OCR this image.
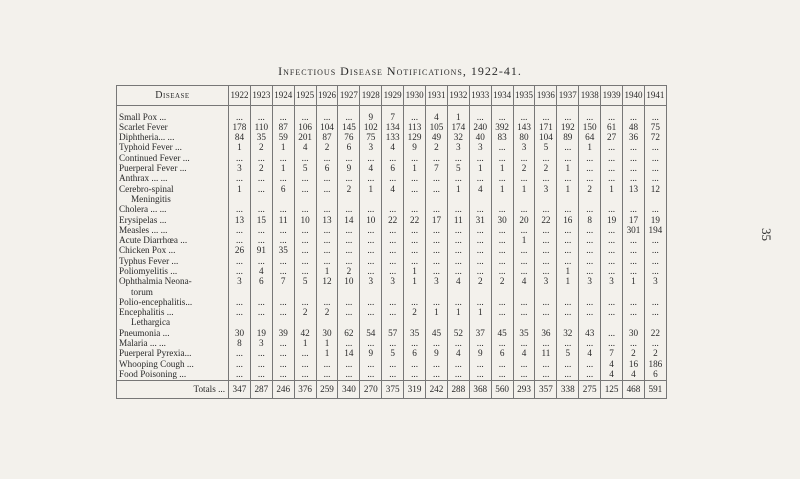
35
Infectious Disease Notifications, 1922-41.
Disease	1922	1923	1924	1925	1926	1927	1928	1929	1930	1931	1932	1933	1934	1935	1936	1937	1938	1939	1940	1941
Small Pox ...	...	...	...	...	...	...	9	7	...	4	1	...	...	...	...	...	...	...	...	...
Scarlet Fever	178	110	87	106	104	145	102	134	113	105	174	240	392	143	171	192	150	61	48	75
Diphtheria... ...	84	35	59	201	87	76	75	133	129	49	32	40	83	80	104	89	64	27	36	72
Typhoid Fever ...	1	2	1	4	2	6	3	4	9	2	3	3	...	3	5	...	1	...	...	...
Continued Fever ...	...	...	...	...	...	...	...	...	...	...	...	...	...	...	...	...	...	...	...	...
Puerperal Fever ...	3	2	1	5	6	9	4	6	1	7	5	1	1	2	2	1	...	...	...	...
Anthrax ... ...	...	...	...	...	...	...	...	...	...	...	...	...	...	...	...	...	...	...	...	...
Cerebro-spinal	1	...	6	...	...	2	1	4	...	...	1	4	1	1	3	1	2	1	13	12
Meningitis																				
Cholera ... ...	...	...	...	...	...	...	...	...	...	...	...	...	...	...	...	...	...	...	...	...
Erysipelas ...	13	15	11	10	13	14	10	22	22	17	11	31	30	20	22	16	8	19	17	19
Measles ... ...	...	...	...	...	...	...	...	...	...	...	...	...	...	...	...	...	...	...	301	194
Acute Diarrhœa ...	...	...	...	...	...	...	...	...	...	...	...	...	...	1	...	...	...	...	...	...
Chicken Pox ...	26	91	35	...	...	...	...	...	...	...	...	...	...	...	...	...	...	...	...	...
Typhus Fever ...	...	...	...	...	...	...	...	...	...	...	...	...	...	...	...	...	...	...	...	...
Poliomyelitis ...	...	4	...	...	1	2	...	...	1	...	...	...	...	...	...	1	...	...	...	...
Ophthalmia Neona-	3	6	7	5	12	10	3	3	1	3	4	2	2	4	3	1	3	3	1	3
torum																				
Polio-encephalitis...	...	...	...	...	...	...	...	...	...	...	...	...	...	...	...	...	...	...	...	...
Encephalitis ...	...	...	...	2	2	...	...	...	2	1	1	1	...	...	...	...	...	...	...	...
Lethargica																				
Pneumonia ...	30	19	39	42	30	62	54	57	35	45	52	37	45	35	36	32	43	...	30	22
Malaria ... ...	8	3	...	1	1	...	...	...	...	...	...	...	...	...	...	...	...	...	...	...
Puerperal Pyrexia...	...	...	...	...	1	14	9	5	6	9	4	9	6	4	11	5	4	7	2	2
Whooping Cough ...	...	...	...	...	...	...	...	...	...	...	...	...	...	...	...	...	...	4	16	186
Food Poisoning ...	...	...	...	...	...	...	...	...	...	...	...	...	...	...	...	...	...	4	4	6
Totals ...	347	287	246	376	259	340	270	375	319	242	288	368	560	293	357	338	275	125	468	591
